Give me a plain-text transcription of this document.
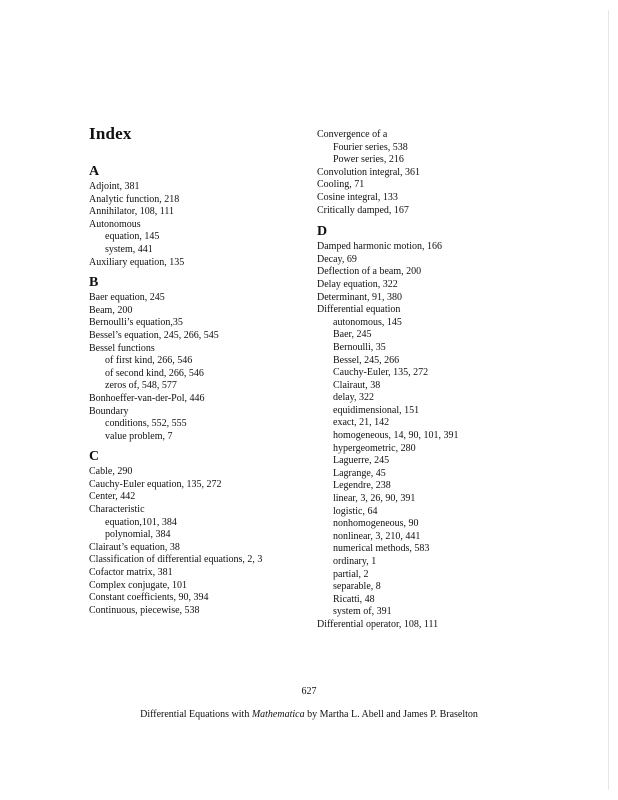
Index
A
Adjoint, 381
Analytic function, 218
Annihilator, 108, 111
Autonomous
equation, 145
system, 441
Auxiliary equation, 135
B
Baer equation, 245
Beam, 200
Bernoulli’s equation,35
Bessel’s equation, 245, 266, 545
Bessel functions
of first kind, 266, 546
of second kind, 266, 546
zeros of, 548, 577
Bonhoeffer-van-der-Pol, 446
Boundary
conditions, 552, 555
value problem, 7
C
Cable, 290
Cauchy-Euler equation, 135, 272
Center, 442
Characteristic
equation,101, 384
polynomial, 384
Clairaut’s equation, 38
Classification of differential equations, 2, 3
Cofactor matrix, 381
Complex conjugate, 101
Constant coefficients, 90, 394
Continuous, piecewise, 538
Convergence of a
Fourier series, 538
Power series, 216
Convolution integral, 361
Cooling, 71
Cosine integral, 133
Critically damped, 167
D
Damped harmonic motion, 166
Decay, 69
Deflection of a beam, 200
Delay equation, 322
Determinant, 91, 380
Differential equation
autonomous, 145
Baer, 245
Bernoulli, 35
Bessel, 245, 266
Cauchy-Euler, 135, 272
Clairaut, 38
delay, 322
equidimensional, 151
exact, 21, 142
homogeneous, 14, 90, 101, 391
hypergeometric, 280
Laguerre, 245
Lagrange, 45
Legendre, 238
linear, 3, 26, 90, 391
logistic, 64
nonhomogeneous, 90
nonlinear, 3, 210, 441
numerical methods, 583
ordinary, 1
partial, 2
separable, 8
Ricatti, 48
system of, 391
Differential operator, 108, 111
627
Differential Equations with Mathematica by Martha L. Abell and James P. Braselton
